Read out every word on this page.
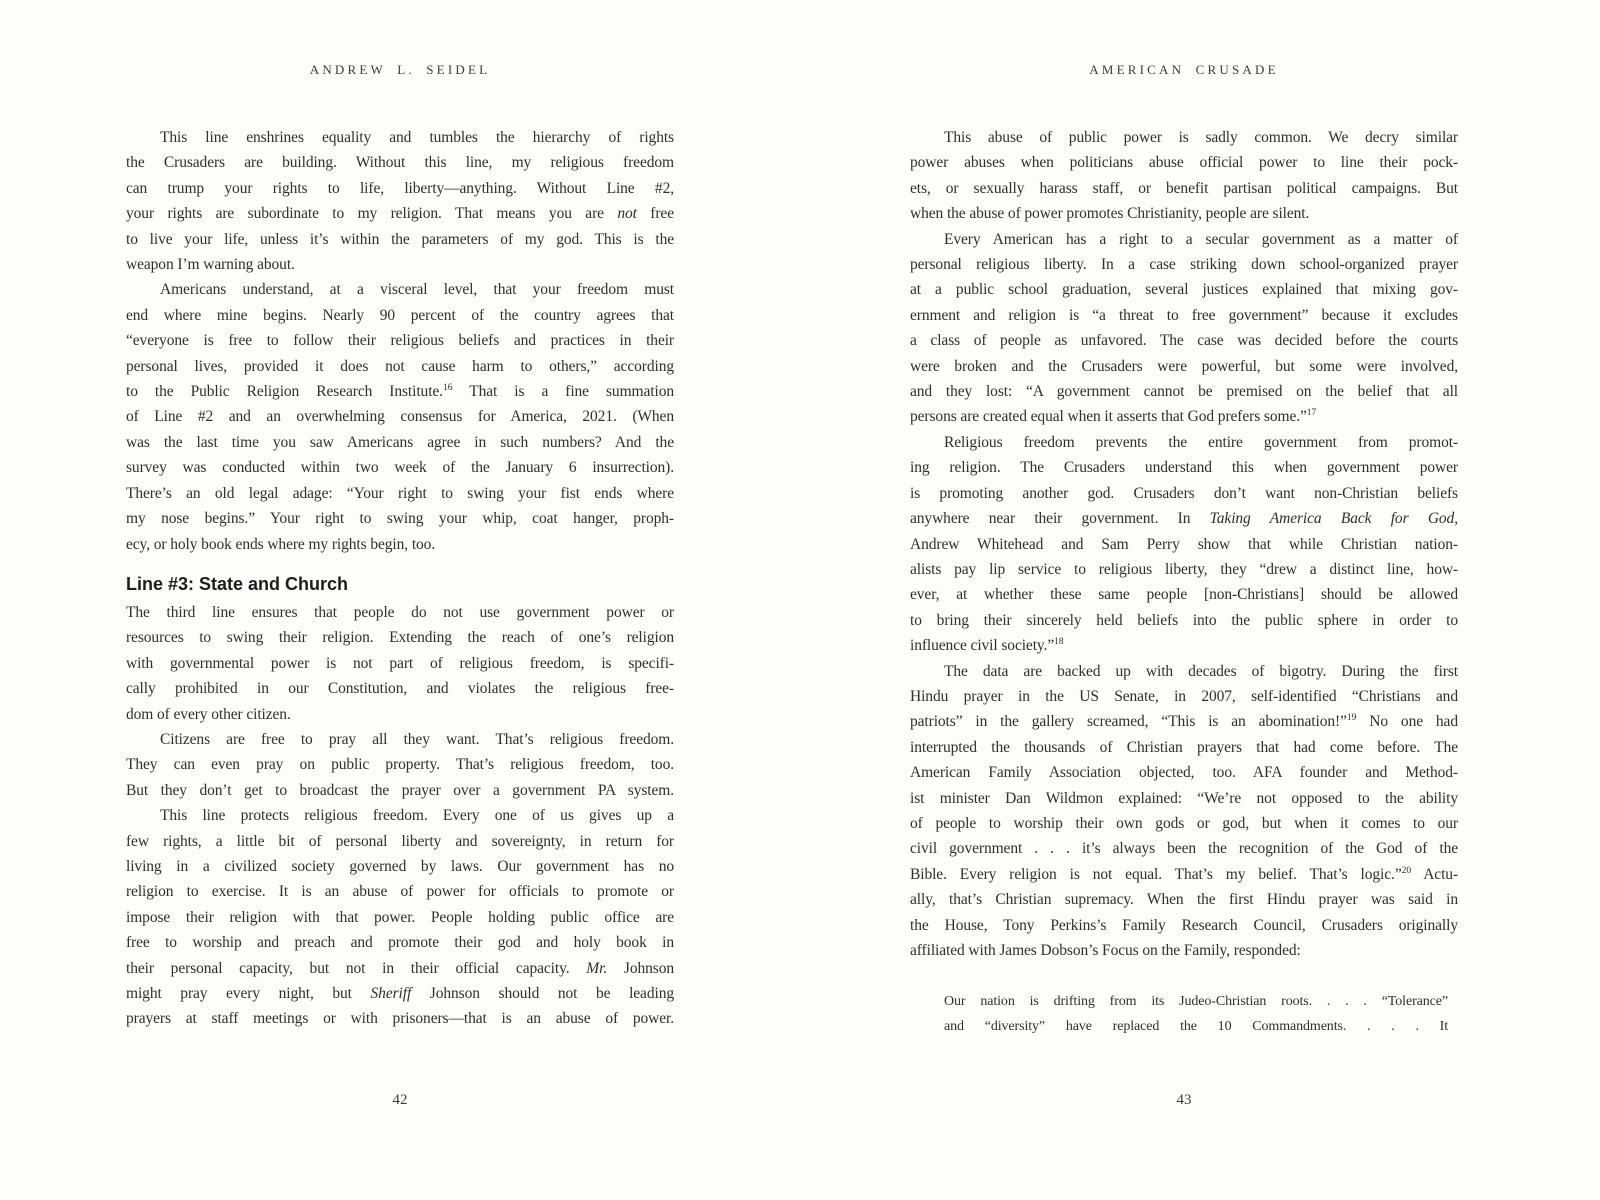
ANDREW L. SEIDEL
This line enshrines equality and tumbles the hierarchy of rights
the Crusaders are building. Without this line, my religious freedom
can trump your rights to life, liberty—anything. Without Line #2,
your rights are subordinate to my religion. That means you are not free
to live your life, unless it’s within the parameters of my god. This is the
weapon I’m warning about.
Americans understand, at a visceral level, that your freedom must
end where mine begins. Nearly 90 percent of the country agrees that
“everyone is free to follow their religious beliefs and practices in their
personal lives, provided it does not cause harm to others,” according
to the Public Religion Research Institute.$^{16}$ That is a fine summation
of Line #2 and an overwhelming consensus for America, 2021. (When
was the last time you saw Americans agree in such numbers? And the
survey was conducted within two week of the January 6 insurrection).
There’s an old legal adage: “Your right to swing your fist ends where
my nose begins.” Your right to swing your whip, coat hanger, proph-
ecy, or holy book ends where my rights begin, too.
Line #3: State and Church
The third line ensures that people do not use government power or
resources to swing their religion. Extending the reach of one’s religion
with governmental power is not part of religious freedom, is specifi-
cally prohibited in our Constitution, and violates the religious free-
dom of every other citizen.
Citizens are free to pray all they want. That’s religious freedom.
They can even pray on public property. That’s religious freedom, too.
But they don’t get to broadcast the prayer over a government PA system.
This line protects religious freedom. Every one of us gives up a
few rights, a little bit of personal liberty and sovereignty, in return for
living in a civilized society governed by laws. Our government has no
religion to exercise. It is an abuse of power for officials to promote or
impose their religion with that power. People holding public office are
free to worship and preach and promote their god and holy book in
their personal capacity, but not in their official capacity. Mr. Johnson
might pray every night, but Sheriff Johnson should not be leading
prayers at staff meetings or with prisoners—that is an abuse of power.
42
AMERICAN CRUSADE
This abuse of public power is sadly common. We decry similar
power abuses when politicians abuse official power to line their pock-
ets, or sexually harass staff, or benefit partisan political campaigns. But
when the abuse of power promotes Christianity, people are silent.
Every American has a right to a secular government as a matter of
personal religious liberty. In a case striking down school-organized prayer
at a public school graduation, several justices explained that mixing gov-
ernment and religion is “a threat to free government” because it excludes
a class of people as unfavored. The case was decided before the courts
were broken and the Crusaders were powerful, but some were involved,
and they lost: “A government cannot be premised on the belief that all
persons are created equal when it asserts that God prefers some.”$^{17}$
Religious freedom prevents the entire government from promot-
ing religion. The Crusaders understand this when government power
is promoting another god. Crusaders don’t want non-Christian beliefs
anywhere near their government. In Taking America Back for God,
Andrew Whitehead and Sam Perry show that while Christian nation-
alists pay lip service to religious liberty, they “drew a distinct line, how-
ever, at whether these same people [non-Christians] should be allowed
to bring their sincerely held beliefs into the public sphere in order to
influence civil society.”$^{18}$
The data are backed up with decades of bigotry. During the first
Hindu prayer in the US Senate, in 2007, self-identified “Christians and
patriots” in the gallery screamed, “This is an abomination!”$^{19}$ No one had
interrupted the thousands of Christian prayers that had come before. The
American Family Association objected, too. AFA founder and Method-
ist minister Dan Wildmon explained: “We’re not opposed to the ability
of people to worship their own gods or god, but when it comes to our
civil government . . . it’s always been the recognition of the God of the
Bible. Every religion is not equal. That’s my belief. That’s logic.”$^{20}$ Actu-
ally, that’s Christian supremacy. When the first Hindu prayer was said in
the House, Tony Perkins’s Family Research Council, Crusaders originally
affiliated with James Dobson’s Focus on the Family, responded:
Our nation is drifting from its Judeo-Christian roots. . . . “Tolerance”
and “diversity” have replaced the 10 Commandments. . . . It
43
